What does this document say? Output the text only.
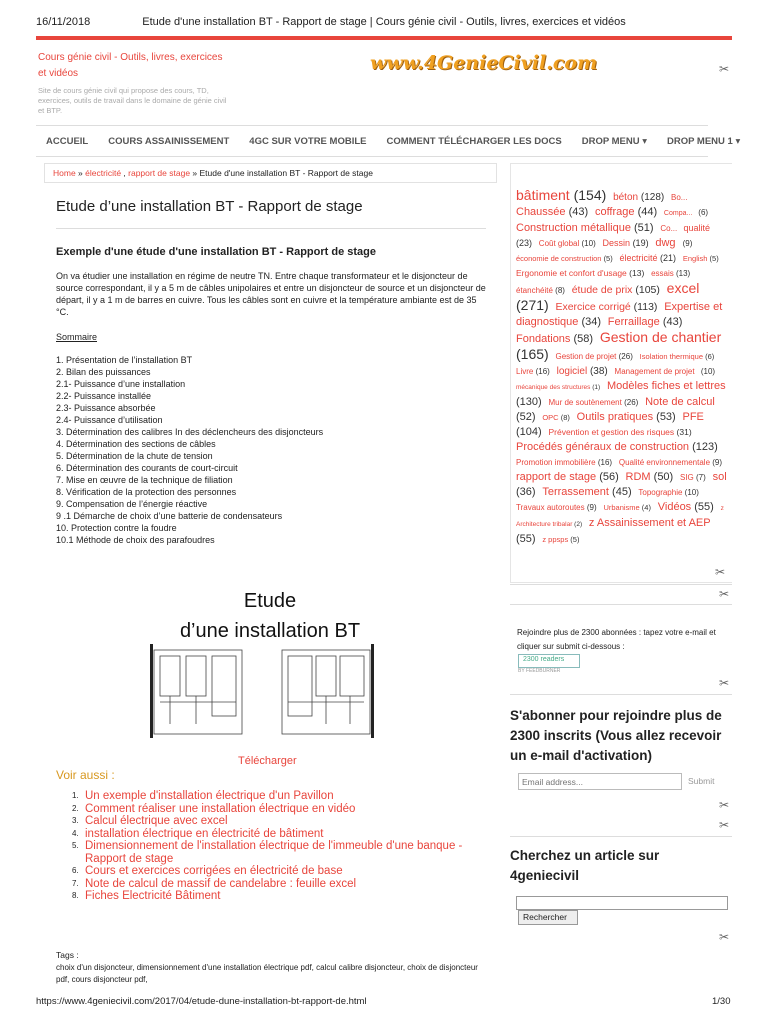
16/11/2018	Etude d'une installation BT - Rapport de stage | Cours génie civil - Outils, livres, exercices et vidéos
Cours génie civil - Outils, livres, exercices et vidéos
Site de cours génie civil qui propose des cours, TD, exercices, outils de travail dans le domaine de génie civil et BTP.
www.4GenieCivil.com	✂
ACCUEIL	COURS ASSAINISSEMENT	4GC SUR VOTRE MOBILE	COMMENT TÉLÉCHARGER LES DOCS	DROP MENU ▾	DROP MENU 1 ▾
Home » électricité , rapport de stage » Etude d'une installation BT - Rapport de stage
Etude d’une installation BT - Rapport de stage
Exemple d'une étude d'une installation BT - Rapport de stage
On va étudier une installation en régime de neutre TN. Entre chaque transformateur et le disjoncteur de source correspondant, il y a 5 m de câbles unipolaires et entre un disjoncteur de source et un disjoncteur de départ, il y a 1 m de barres en cuivre. Tous les câbles sont en cuivre et la température ambiante est de 35 °C.
Sommaire
1. Présentation de l’installation BT
2. Bilan des puissances
2.1- Puissance d’une installation
2.2- Puissance installée
2.3- Puissance absorbée
2.4- Puissance d’utilisation
3. Détermination des calibres In des déclencheurs des disjoncteurs
4. Détermination des sections de câbles
5. Détermination de la chute de tension
6. Détermination des courants de court-circuit
7. Mise en œuvre de la technique de filiation
8. Vérification de la protection des personnes
9. Compensation de l’énergie réactive
9 .1 Démarche de choix d’une batterie de condensateurs
10. Protection contre la foudre
10.1 Méthode de choix des parafoudres
Etude
d’une installation BT
Télécharger
Voir aussi :
1. Un exemple d'installation électrique d'un Pavillon
2. Comment réaliser une installation électrique en vidéo
3. Calcul électrique avec excel
4. installation électrique en électricité de bâtiment
5. Dimensionnement de l'installation électrique de l'immeuble d'une banque - Rapport de stage
6. Cours et exercices corrigées en électricité de base
7. Note de calcul de massif de candelabre : feuille excel
8. Fiches Electricité Bâtiment
Tags :
choix d'un disjoncteur, dimensionnement d'une installation électrique pdf, calcul calibre disjoncteur, choix de disjoncteur pdf, cours disjoncteur pdf,
bâtiment (154) béton (128) Bo... Chaussée (43) coffrage (44) Compa... (6) Construction métallique (51) Co... qualité (23) Coût global (10) Dessin (19) dwg (9) économie de construction (5) électricité (21) English (5) Ergonomie et confort d'usage (13) essais (13) étanchéité (8) étude de prix (105) excel (271) Exercice corrigé (113) Expertise et diagnostique (34) Ferraillage (43) Fondations (58) Gestion de chantier (165) Gestion de projet (26) Isolation thermique (6) Livre (16) logiciel (38) Management de projet (10) mécanique des structures (1) Modèles fiches et lettres (130) Mur de soutènement (26) Note de calcul (52) OPC (8) Outils pratiques (53) PFE (104) Prévention et gestion des risques (31) Procédés généraux de construction (123) Promotion immobilière (16) Qualité environnementale (9) rapport de stage (56) RDM (50) SIG (7) sol (36) Terrassement (45) Topographie (10) Travaux autoroutes (9) Urbanisme (4) Vidéos (55) z Architecture tribalar (2) z Assainissement et AEP (55) z ppsps (5)
✂
✂
Rejoindre plus de 2300 abonnées : tapez votre e-mail et cliquer sur submit ci-dessous :
2300 readers
BY FEEDBURNER
✂
S'abonner pour rejoindre plus de 2300 inscrits (Vous allez recevoir un e-mail d'activation)
Email address...
Submit
✂
✂
Cherchez un article sur 4geniecivil
Rechercher
✂
https://www.4geniecivil.com/2017/04/etude-dune-installation-bt-rapport-de.html	1/30
